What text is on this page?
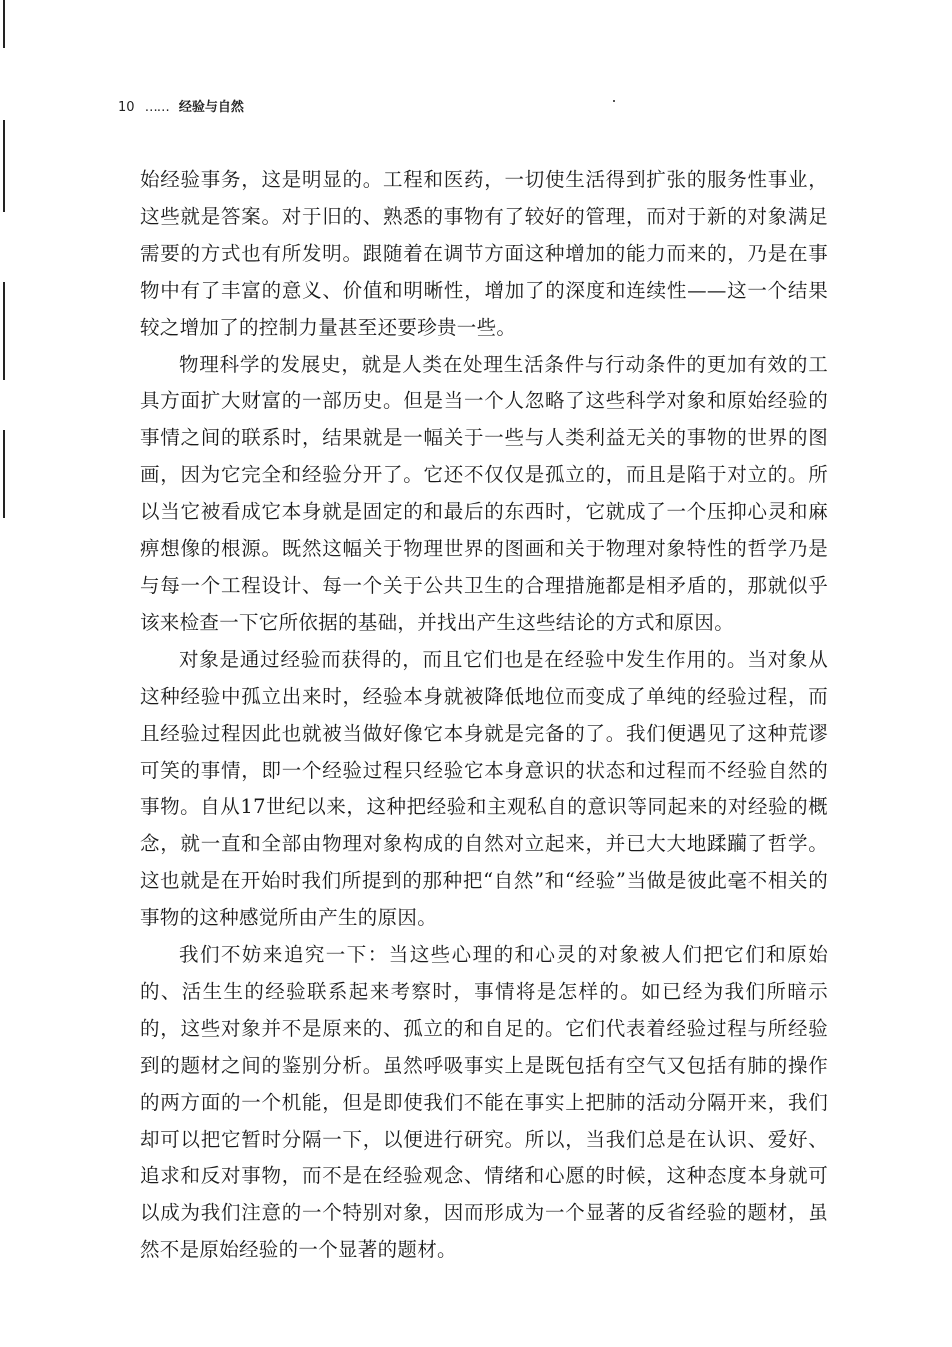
10 …… 经验与自然

始经验事务，这是明显的。工程和医药，一切使生活得到扩张的服务性事业，这些就是答案。对于旧的、熟悉的事物有了较好的管理，而对于新的对象满足需要的方式也有所发明。跟随着在调节方面这种增加的能力而来的，乃是在事物中有了丰富的意义、价值和明晰性，增加了的深度和连续性——这一个结果较之增加了的控制力量甚至还要珍贵一些。

物理科学的发展史，就是人类在处理生活条件与行动条件的更加有效的工具方面扩大财富的一部历史。但是当一个人忽略了这些科学对象和原始经验的事情之间的联系时，结果就是一幅关于一些与人类利益无关的事物的世界的图画，因为它完全和经验分开了。它还不仅仅是孤立的，而且是陷于对立的。所以当它被看成它本身就是固定的和最后的东西时，它就成了一个压抑心灵和麻痹想像的根源。既然这幅关于物理世界的图画和关于物理对象特性的哲学乃是与每一个工程设计、每一个关于公共卫生的合理措施都是相矛盾的，那就似乎该来检查一下它所依据的基础，并找出产生这些结论的方式和原因。

对象是通过经验而获得的，而且它们也是在经验中发生作用的。当对象从这种经验中孤立出来时，经验本身就被降低地位而变成了单纯的经验过程，而且经验过程因此也就被当做好像它本身就是完备的了。我们便遇见了这种荒谬可笑的事情，即一个经验过程只经验它本身意识的状态和过程而不经验自然的事物。自从17世纪以来，这种把经验和主观私自的意识等同起来的对经验的概念，就一直和全部由物理对象构成的自然对立起来，并已大大地蹂躏了哲学。这也就是在开始时我们所提到的那种把“自然”和“经验”当做是彼此毫不相关的事物的这种感觉所由产生的原因。

我们不妨来追究一下：当这些心理的和心灵的对象被人们把它们和原始的、活生生的经验联系起来考察时，事情将是怎样的。如已经为我们所暗示的，这些对象并不是原来的、孤立的和自足的。它们代表着经验过程与所经验到的题材之间的鉴别分析。虽然呼吸事实上是既包括有空气又包括有肺的操作的两方面的一个机能，但是即使我们不能在事实上把肺的活动分隔开来，我们却可以把它暂时分隔一下，以便进行研究。所以，当我们总是在认识、爱好、追求和反对事物，而不是在经验观念、情绪和心愿的时候，这种态度本身就可以成为我们注意的一个特别对象，因而形成为一个显著的反省经验的题材，虽然不是原始经验的一个显著的题材。
